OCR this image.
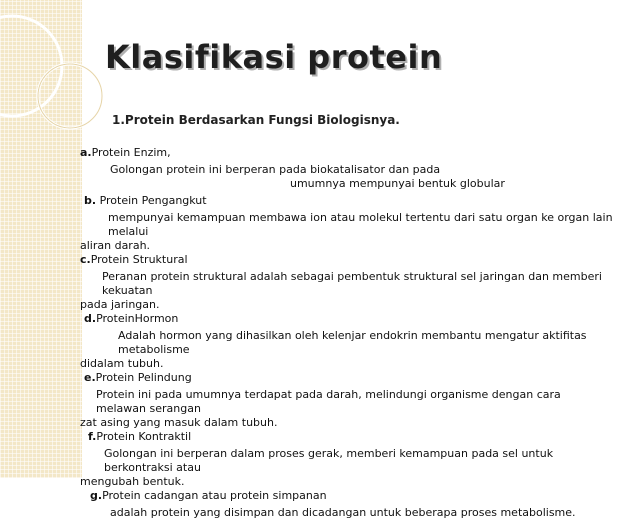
Klasifikasi protein
1.Protein Berdasarkan Fungsi Biologisnya.

a.Protein Enzim,

Golongan protein ini berperan pada biokatalisator dan pada

umumnya mempunyai bentuk globular

b. Protein Pengangkut

mempunyai kemampuan membawa ion atau molekul tertentu dari satu organ ke organ lain melalui

aliran darah.

c.Protein Struktural

Peranan protein struktural adalah sebagai pembentuk struktural sel jaringan dan memberi kekuatan

pada jaringan.

d.ProteinHormon

Adalah hormon yang dihasilkan oleh kelenjar endokrin membantu mengatur aktifitas metabolisme

didalam tubuh.

e.Protein Pelindung

Protein ini pada umumnya terdapat pada darah, melindungi organisme dengan cara melawan serangan

zat asing yang masuk dalam tubuh.

f.Protein Kontraktil

Golongan ini berperan dalam proses gerak, memberi kemampuan pada sel untuk berkontraksi atau

mengubah bentuk.

g.Protein cadangan atau protein simpanan

adalah protein yang disimpan dan dicadangan untuk beberapa proses metabolisme.
